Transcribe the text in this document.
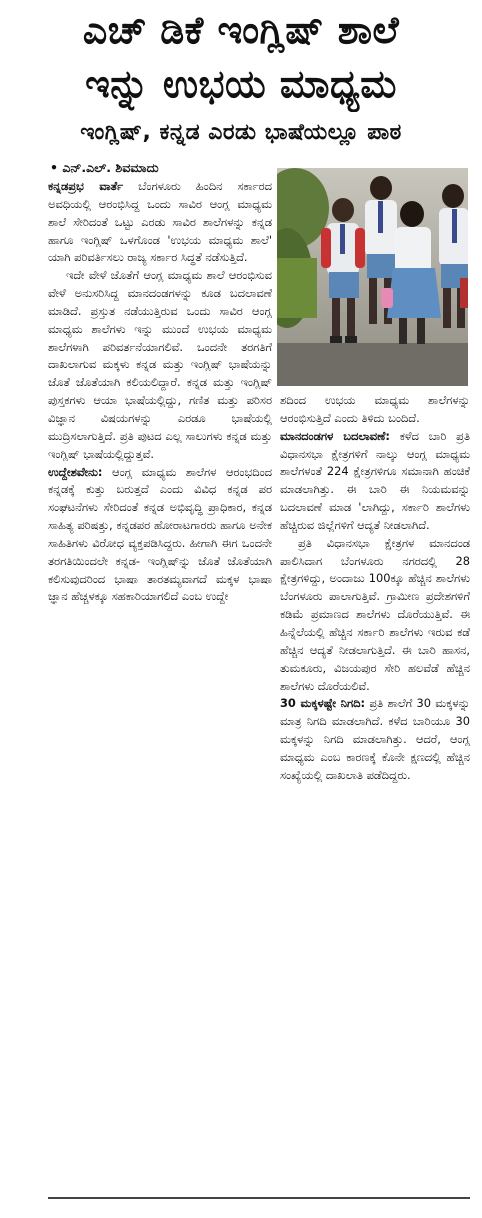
ಎಚ್ ಡಿಕೆ ಇಂಗ್ಲಿಷ್ ಶಾಲೆ
ಇನ್ನು ಉಭಯ ಮಾಧ್ಯಮ
ಇಂಗ್ಲಿಷ್, ಕನ್ನಡ ಎರಡು ಭಾಷೆಯಲ್ಲೂ ಪಾಠ
• ಎನ್.ಎಲ್. ಶಿವಮಾದು

ಕನ್ನಡಪ್ರಭ ವಾರ್ತೆ ಬೆಂಗಳೂರು ಹಿಂದಿನ ಸರ್ಕಾರದ ಅವಧಿಯಲ್ಲಿ ಆರಂಭಿಸಿದ್ದ ಒಂದು ಸಾವಿರ ಆಂಗ್ಲ ಮಾಧ್ಯಮ ಶಾಲೆ ಸೇರಿದಂತೆ ಒಟ್ಟು ಎರಡು ಸಾವಿರ ಶಾಲೆಗಳನ್ನು ಕನ್ನಡ ಹಾಗೂ ಇಂಗ್ಲಿಷ್ ಒಳಗೊಂಡ 'ಉಭಯ ಮಾಧ್ಯಮ ಶಾಲೆ' ಯಾಗಿ ಪರಿವರ್ತಿಸಲು ರಾಜ್ಯ ಸರ್ಕಾರ ಸಿದ್ಧತೆ ನಡೆಸುತ್ತಿದೆ.

ಇದೇ ವೇಳೆ ಜೊತೆಗೆ ಆಂಗ್ಲ ಮಾಧ್ಯಮ ಶಾಲೆ ಆರಂಭಿಸುವ ವೇಳೆ ಅನುಸರಿಸಿದ್ದ ಮಾನದಂಡಗಳನ್ನು ಕೂಡ ಬದಲಾವಣೆ ಮಾಡಿದೆ. ಪ್ರಸ್ತುತ ನಡೆಯುತ್ತಿರುವ ಒಂದು ಸಾವಿರ ಆಂಗ್ಲ ಮಾಧ್ಯಮ ಶಾಲೆಗಳು ಇನ್ನು ಮುಂದೆ ಉಭಯ ಮಾಧ್ಯಮ ಶಾಲೆಗಳಾಗಿ ಪರಿವರ್ತನೆಯಾಗಲಿವೆ. ಒಂದನೇ ತರಗತಿಗೆ ದಾಖಲಾಗುವ ಮಕ್ಕಳು ಕನ್ನಡ ಮತ್ತು ಇಂಗ್ಲಿಷ್ ಭಾಷೆಯನ್ನು ಜೊತೆ ಜೊತೆಯಾಗಿ ಕಲಿಯಲಿದ್ದಾರೆ. ಕನ್ನಡ ಮತ್ತು ಇಂಗ್ಲಿಷ್ ಪುಸ್ತಕಗಳು ಆಯಾ ಭಾಷೆಯಲ್ಲಿದ್ದು, ಗಣಿತ ಮತ್ತು ಪರಿಸರ ವಿಜ್ಞಾನ ವಿಷಯಗಳನ್ನು ಎರಡೂ ಭಾಷೆಯಲ್ಲಿ ಮುದ್ರಿಸಲಾಗುತ್ತಿದೆ. ಪ್ರತಿ ಪುಟದ ಎಲ್ಲ ಸಾಲುಗಳು ಕನ್ನಡ ಮತ್ತು ಇಂಗ್ಲಿಷ್ ಭಾಷೆಯಲ್ಲಿದ್ದುತ್ತವೆ.

ಉದ್ದೇಶವೇನು: ಆಂಗ್ಲ ಮಾಧ್ಯಮ ಶಾಲೆಗಳ ಆರಂಭದಿಂದ ಕನ್ನಡಕ್ಕೆ ಕುತ್ತು ಬರುತ್ತದೆ ಎಂದು ವಿವಿಧ ಕನ್ನಡ ಪರ ಸಂಘಟನೆಗಳು ಸೇರಿದಂತೆ ಕನ್ನಡ ಅಭಿವೃದ್ಧಿ ಪ್ರಾಧಿಕಾರ, ಕನ್ನಡ ಸಾಹಿತ್ಯ ಪರಿಷತ್ತು, ಕನ್ನಡಪರ ಹೋರಾಟಗಾರರು ಹಾಗೂ ಅನೇಕ ಸಾಹಿತಿಗಳು ವಿರೋಧ ವ್ಯಕ್ತಪಡಿಸಿದ್ದರು. ಹೀಗಾಗಿ ಈಗ ಒಂದನೇ ತರಗತಿಯಿಂದಲೇ ಕನ್ನಡ- ಇಂಗ್ಲಿಷ್‌ನ್ನು ಜೊತೆ ಜೊತೆಯಾಗಿ ಕಲಿಸುವುದರಿಂದ ಭಾಷಾ ತಾರತಮ್ಯವಾಗದೆ ಮಕ್ಕಳ ಭಾಷಾ ಜ್ಞಾನ ಹೆಚ್ಚಳಕ್ಕೂ ಸಹಕಾರಿಯಾಗಲಿದೆ ಎಂಬ ಉದ್ದೇ

ಶದಿಂದ ಉಭಯ ಮಾಧ್ಯಮ ಶಾಲೆಗಳನ್ನು ಆರಂಭಿಸುತ್ತಿದೆ ಎಂದು ತಿಳಿದು ಬಂದಿದೆ.

ಮಾನದಂಡಗಳ ಬದಲಾವಣೆ: ಕಳೆದ ಬಾರಿ ಪ್ರತಿ ವಿಧಾನಸಭಾ ಕ್ಷೇತ್ರಗಳಿಗೆ ನಾಲ್ಕು ಆಂಗ್ಲ ಮಾಧ್ಯಮ ಶಾಲೆಗಳಂತೆ 224 ಕ್ಷೇತ್ರಗಳಿಗೂ ಸಮಾನಾಗಿ ಹಂಚಿಕೆ ಮಾಡಲಾಗಿತ್ತು. ಈ ಬಾರಿ ಈ ನಿಯಮವನ್ನು ಬದಲಾವಣೆ ಮಾಡ 'ಲಾಗಿದ್ದು, ಸರ್ಕಾರಿ ಶಾಲೆಗಳು ಹೆಚ್ಚಿರುವ ಜಿಲ್ಲೆಗಳಿಗೆ ಆದ್ಯತೆ ನೀಡಲಾಗಿದೆ.

ಪ್ರತಿ ವಿಧಾನಸಭಾ ಕ್ಷೇತ್ರಗಳ ಮಾನದಂಡ ಪಾಲಿಸಿದಾಗ ಬೆಂಗಳೂರು ನಗರದಲ್ಲಿ 28 ಕ್ಷೇತ್ರಗಳಿದ್ದು, ಅಂದಾಜು 100ಕ್ಕೂ ಹೆಚ್ಚಿನ ಶಾಲೆಗಳು ಬೆಂಗಳೂರು ಪಾಲಾಗುತ್ತಿವೆ. ಗ್ರಾಮೀಣ ಪ್ರದೇಶಗಳಿಗೆ ಕಡಿಮೆ ಪ್ರಮಾಣದ ಶಾಲೆಗಳು ದೊರೆಯುತ್ತಿವೆ. ಈ ಹಿನ್ನೆಲೆಯಲ್ಲಿ ಹೆಚ್ಚಿನ ಸರ್ಕಾರಿ ಶಾಲೆಗಳು ಇರುವ ಕಡೆ ಹೆಚ್ಚಿನ ಆದ್ಯತೆ ನೀಡಲಾಗುತ್ತಿದೆ. ಈ ಬಾರಿ ಹಾಸನ, ತುಮಕೂರು, ವಿಜಯಪುರ ಸೇರಿ ಹಲವೆಡೆ ಹೆಚ್ಚಿನ ಶಾಲೆಗಳು ದೊರೆಯಲಿವೆ.

30 ಮಕ್ಕಳಷ್ಟೇ ನಿಗದಿ: ಪ್ರತಿ ಶಾಲೆಗೆ 30 ಮಕ್ಕಳನ್ನು ಮಾತ್ರ ನಿಗದಿ ಮಾಡಲಾಗಿದೆ. ಕಳೆದ ಬಾರಿಯೂ 30 ಮಕ್ಕಳನ್ನು ನಿಗದಿ ಮಾಡಲಾಗಿತ್ತು. ಆದರೆ, ಆಂಗ್ಲ ಮಾಧ್ಯಮ ಎಂಬ ಕಾರಣಕ್ಕೆ ಕೊನೇ ಕ್ಷಣದಲ್ಲಿ ಹೆಚ್ಚಿನ ಸಂಖ್ಯೆಯಲ್ಲಿ ದಾಖಲಾತಿ ಪಡೆದಿದ್ದರು.
